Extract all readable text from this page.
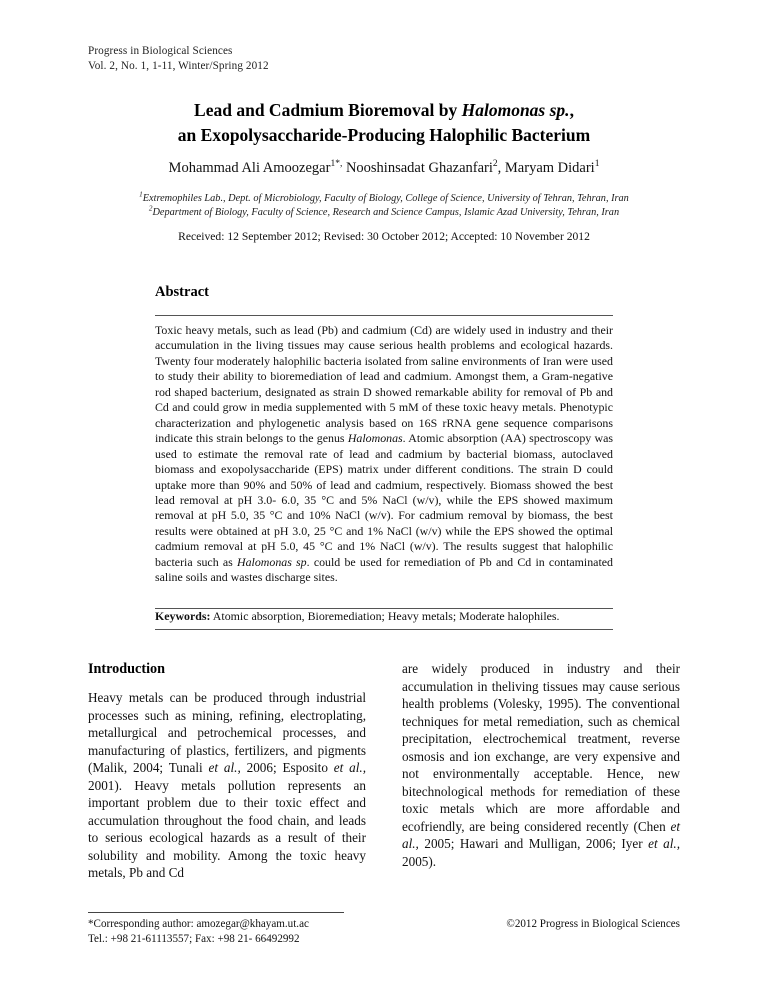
Progress in Biological Sciences
Vol. 2, No. 1, 1-11, Winter/Spring 2012
Lead and Cadmium Bioremoval by Halomonas sp.,
an Exopolysaccharide-Producing Halophilic Bacterium
Mohammad Ali Amoozegar$^{1*,}$ Nooshinsadat Ghazanfari$^2$, Maryam Didari$^1$
$^1$Extremophiles Lab., Dept. of Microbiology, Faculty of Biology, College of Science, University of Tehran, Tehran, Iran
$^2$Department of Biology, Faculty of Science, Research and Science Campus, Islamic Azad University, Tehran, Iran
Received: 12 September 2012; Revised: 30 October 2012; Accepted: 10 November 2012
Abstract

Toxic heavy metals, such as lead (Pb) and cadmium (Cd) are widely used in industry and their accumulation in the living tissues may cause serious health problems and ecological hazards. Twenty four moderately halophilic bacteria isolated from saline environments of Iran were used to study their ability to bioremediation of lead and cadmium. Amongst them, a Gram-negative rod shaped bacterium, designated as strain D showed remarkable ability for removal of Pb and Cd and could grow in media supplemented with 5 mM of these toxic heavy metals. Phenotypic characterization and phylogenetic analysis based on 16S rRNA gene sequence comparisons indicate this strain belongs to the genus Halomonas. Atomic absorption (AA) spectroscopy was used to estimate the removal rate of lead and cadmium by bacterial biomass, autoclaved biomass and exopolysaccharide (EPS) matrix under different conditions. The strain D could uptake more than 90% and 50% of lead and cadmium, respectively. Biomass showed the best lead removal at pH 3.0- 6.0, 35 °C and 5% NaCl (w/v), while the EPS showed maximum removal at pH 5.0, 35 °C and 10% NaCl (w/v). For cadmium removal by biomass, the best results were obtained at pH 3.0, 25 °C and 1% NaCl (w/v) while the EPS showed the optimal cadmium removal at pH 5.0, 45 °C and 1% NaCl (w/v). The results suggest that halophilic bacteria such as Halomonas sp. could be used for remediation of Pb and Cd in contaminated saline soils and wastes discharge sites.

Keywords: Atomic absorption, Bioremediation; Heavy metals; Moderate halophiles.
Introduction

Heavy metals can be produced through industrial processes such as mining, refining, electroplating, metallurgical and petrochemical processes, and manufacturing of plastics, fertilizers, and pigments (Malik, 2004; Tunali et al., 2006; Esposito et al., 2001). Heavy metals pollution represents an important problem due to their toxic effect and accumulation throughout the food chain, and leads to serious ecological hazards as a result of their solubility and mobility. Among the toxic heavy metals, Pb and Cd

are widely produced in industry and their accumulation in theliving tissues may cause serious health problems (Volesky, 1995). The conventional techniques for metal remediation, such as chemical precipitation, electrochemical treatment, reverse osmosis and ion exchange, are very expensive and not environmentally acceptable. Hence, new bitechnological methods for remediation of these toxic metals which are more affordable and ecofriendly, are being considered recently (Chen et al., 2005; Hawari and Mulligan, 2006; Iyer et al., 2005).

*Corresponding author: amozegar@khayam.ut.ac
Tel.: +98 21-61113557; Fax: +98 21- 66492992
©2012 Progress in Biological Sciences
